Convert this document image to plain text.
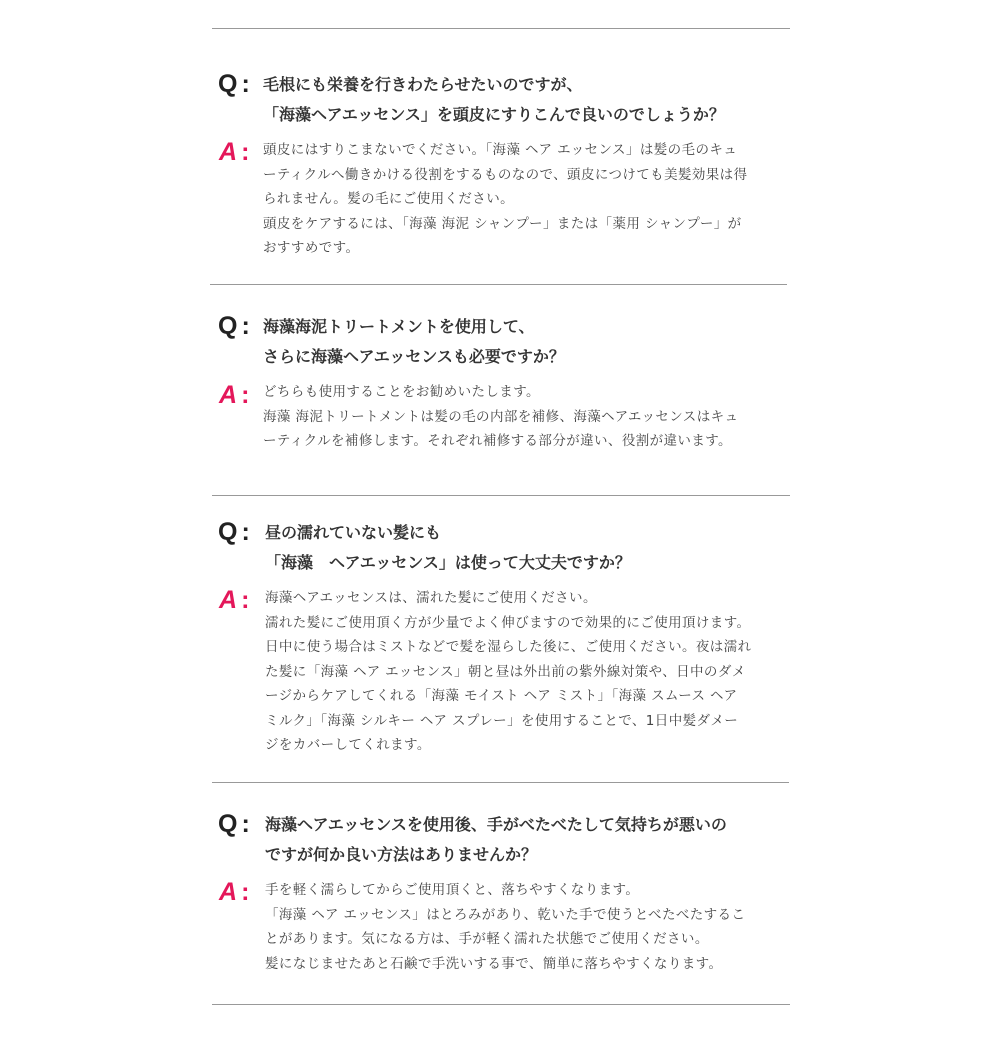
Q : 毛根にも栄養を行きわたらせたいのですが、
「海藻ヘアエッセンス」を頭皮にすりこんで良いのでしょうか？
A : 頭皮にはすりこまないでください。「海藻 ヘア エッセンス」は髪の毛のキュ
ーティクルへ働きかける役割をするものなので、頭皮につけても美髪効果は得
られません。髪の毛にご使用ください。
頭皮をケアするには、「海藻 海泥 シャンプー」または「薬用 シャンプー」が
おすすめです。
Q : 海藻海泥トリートメントを使用して、
さらに海藻ヘアエッセンスも必要ですか？
A : どちらも使用することをお勧めいたします。
海藻 海泥トリートメントは髪の毛の内部を補修、海藻ヘアエッセンスはキュ
ーティクルを補修します。それぞれ補修する部分が違い、役割が違います。
Q : 昼の濡れていない髪にも
「海藻　ヘアエッセンス」は使って大丈夫ですか？
A : 海藻ヘアエッセンスは、濡れた髪にご使用ください。
濡れた髪にご使用頂く方が少量でよく伸びますので効果的にご使用頂けます。
日中に使う場合はミストなどで髪を湿らした後に、ご使用ください。夜は濡れ
た髪に「海藻 ヘア エッセンス」朝と昼は外出前の紫外線対策や、日中のダメ
ージからケアしてくれる「海藻 モイスト ヘア ミスト」「海藻 スムース ヘア
ミルク」「海藻 シルキー ヘア スプレー」を使用することで、1日中髪ダメー
ジをカバーしてくれます。
Q : 海藻ヘアエッセンスを使用後、手がべたべたして気持ちが悪いの
ですが何か良い方法はありませんか？
A : 手を軽く濡らしてからご使用頂くと、落ちやすくなります。
「海藻 ヘア エッセンス」はとろみがあり、乾いた手で使うとべたべたするこ
とがあります。気になる方は、手が軽く濡れた状態でご使用ください。
髪になじませたあと石鹸で手洗いする事で、簡単に落ちやすくなります。
